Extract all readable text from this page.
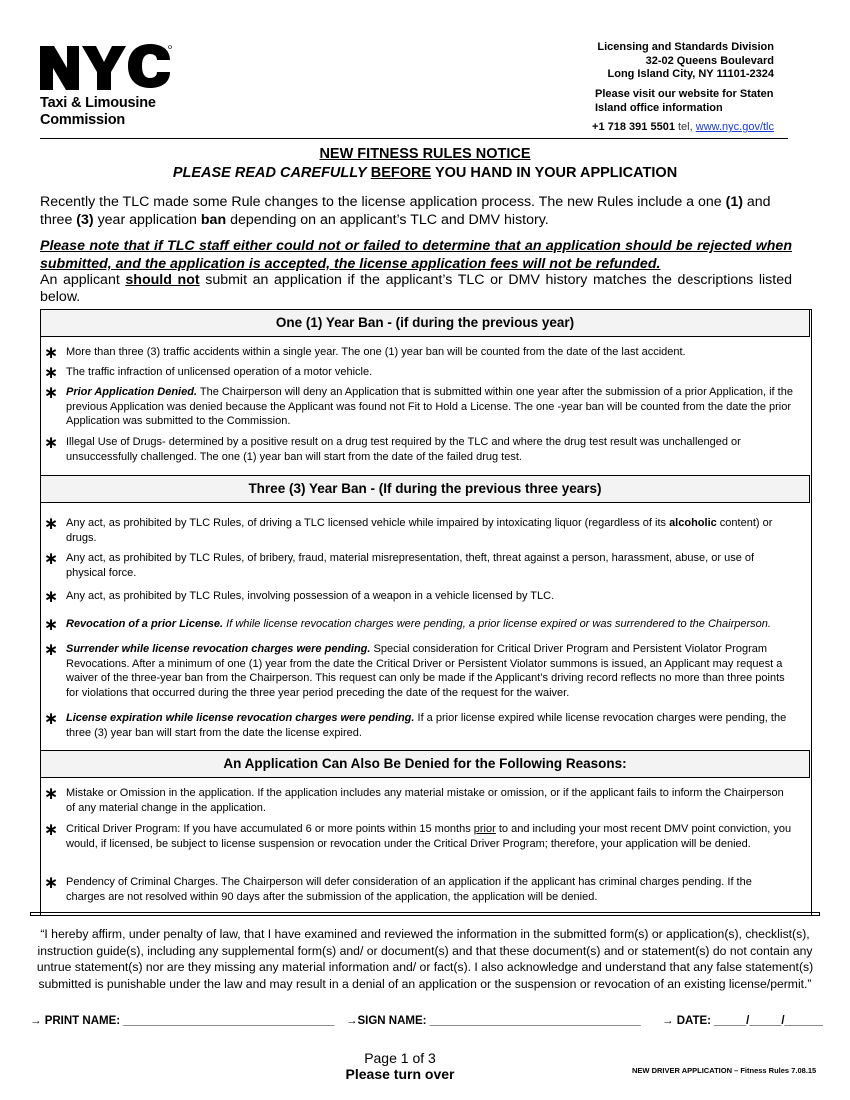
Taxi & Limousine
Commission
Licensing and Standards Division
32-02 Queens Boulevard
Long Island City, NY 11101-2324
Please visit our website for Staten
Island office information
+1 718 391 5501 tel, www.nyc.gov/tlc
NEW FITNESS RULES NOTICE
PLEASE READ CAREFULLY BEFORE YOU HAND IN YOUR APPLICATION
Recently the TLC made some Rule changes to the license application process. The new Rules include a one (1) and three (3) year application ban depending on an applicant’s TLC and DMV history.
Please note that if TLC staff either could not or failed to determine that an application should be rejected when submitted, and the application is accepted, the license application fees will not be refunded.
An applicant should not submit an application if the applicant’s TLC or DMV history matches the descriptions listed below.
One (1) Year Ban - (if during the previous year)
∗ More than three (3) traffic accidents within a single year. The one (1) year ban will be counted from the date of the last accident.
∗ The traffic infraction of unlicensed operation of a motor vehicle.
∗ Prior Application Denied. The Chairperson will deny an Application that is submitted within one year after the submission of a prior Application, if the previous Application was denied because the Applicant was found not Fit to Hold a License. The one -year ban will be counted from the date the prior Application was submitted to the Commission.
∗ Illegal Use of Drugs- determined by a positive result on a drug test required by the TLC and where the drug test result was unchallenged or unsuccessfully challenged. The one (1) year ban will start from the date of the failed drug test.
Three (3) Year Ban - (If during the previous three years)
∗ Any act, as prohibited by TLC Rules, of driving a TLC licensed vehicle while impaired by intoxicating liquor (regardless of its alcoholic content) or drugs.
∗ Any act, as prohibited by TLC Rules, of bribery, fraud, material misrepresentation, theft, threat against a person, harassment, abuse, or use of physical force.
∗ Any act, as prohibited by TLC Rules, involving possession of a weapon in a vehicle licensed by TLC.
∗ Revocation of a prior License. If while license revocation charges were pending, a prior license expired or was surrendered to the Chairperson.
∗ Surrender while license revocation charges were pending. Special consideration for Critical Driver Program and Persistent Violator Program Revocations. After a minimum of one (1) year from the date the Critical Driver or Persistent Violator summons is issued, an Applicant may request a waiver of the three-year ban from the Chairperson. This request can only be made if the Applicant’s driving record reflects no more than three points for violations that occurred during the three year period preceding the date of the request for the waiver.
∗ License expiration while license revocation charges were pending. If a prior license expired while license revocation charges were pending, the three (3) year ban will start from the date the license expired.
An Application Can Also Be Denied for the Following Reasons:
∗ Mistake or Omission in the application. If the application includes any material mistake or omission, or if the applicant fails to inform the Chairperson of any material change in the application.
∗ Critical Driver Program: If you have accumulated 6 or more points within 15 months prior to and including your most recent DMV point conviction, you would, if licensed, be subject to license suspension or revocation under the Critical Driver Program; therefore, your application will be denied.
∗ Pendency of Criminal Charges. The Chairperson will defer consideration of an application if the applicant has criminal charges pending. If the charges are not resolved within 90 days after the submission of the application, the application will be denied.
“I hereby affirm, under penalty of law, that I have examined and reviewed the information in the submitted form(s) or application(s), checklist(s), instruction guide(s), including any supplemental form(s) and/ or document(s) and that these document(s) and or statement(s) do not contain any untrue statement(s) nor are they missing any material information and/ or fact(s). I also acknowledge and understand that any false statement(s) submitted is punishable under the law and may result in a denial of an application or the suspension or revocation of an existing license/permit.”
→ PRINT NAME: _________________________________ →SIGN NAME: _________________________________ → DATE: _____/_____/______
Page 1 of 3
Please turn over	NEW DRIVER APPLICATION – Fitness Rules 7.08.15
